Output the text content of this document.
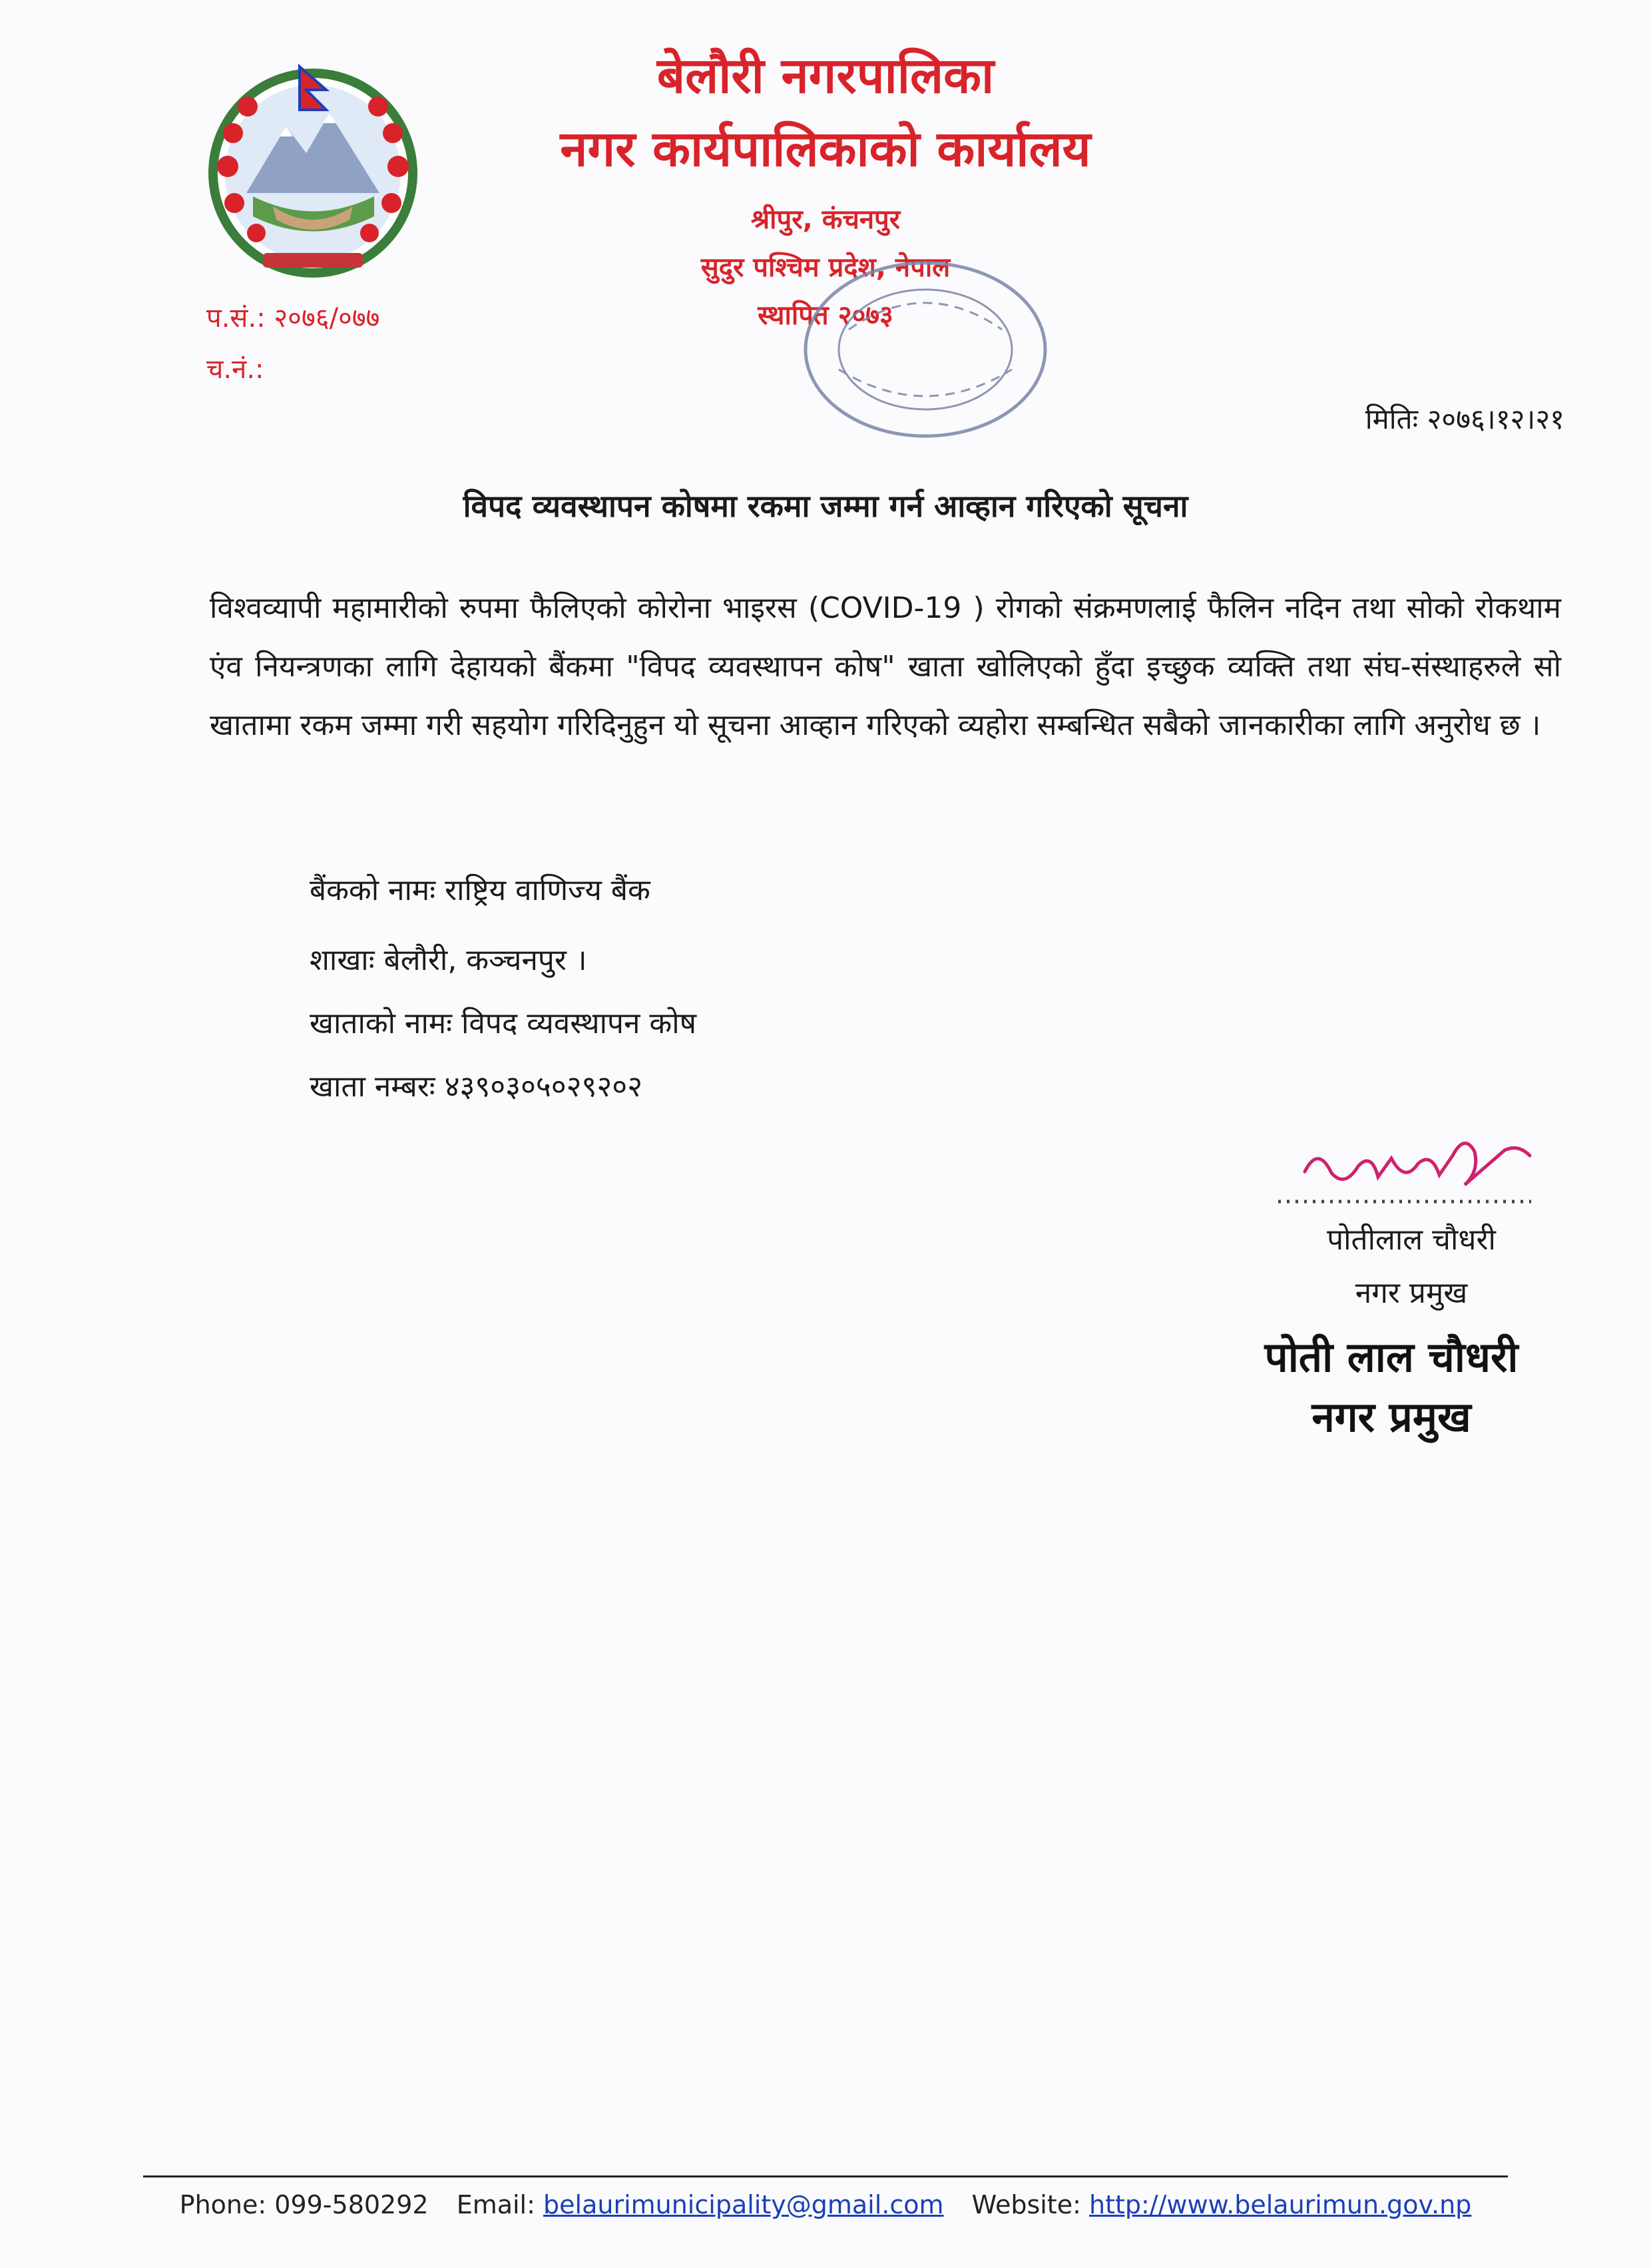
बेलौरी नगरपालिका
नगर कार्यपालिकाको कार्यालय
श्रीपुर, कंचनपुर
सुदुर पश्चिम प्रदेश, नेपाल
स्थापित २०७३
प.सं.: २०७६/०७७
च.नं.:
मितिः २०७६।१२।२१
विपद व्यवस्थापन कोषमा रकमा जम्मा गर्न आव्हान गरिएको सूचना
विश्वव्यापी महामारीको रुपमा फैलिएको कोरोना भाइरस (COVID-19 ) रोगको संक्रमणलाई फैलिन नदिन तथा सोको रोकथाम एंव नियन्त्रणका लागि देहायको बैंकमा "विपद व्यवस्थापन कोष" खाता खोलिएको हुँदा इच्छुक व्यक्ति तथा संघ-संस्थाहरुले सो खातामा रकम जम्मा गरी सहयोग गरिदिनुहुन यो सूचना आव्हान गरिएको व्यहोरा सम्बन्धित सबैको जानकारीका लागि अनुरोध छ ।
बैंकको नामः राष्ट्रिय वाणिज्य बैंक
शाखाः बेलौरी, कञ्चनपुर ।
खाताको नामः विपद व्यवस्थापन कोष
खाता नम्बरः ४३९०३०५०२९२०२
पोतीलाल चौधरी
नगर प्रमुख
पोती लाल चौधरी
नगर प्रमुख
Phone: 099-580292 Email: belaurimunicipality@gmail.com Website: http://www.belaurimun.gov.np
